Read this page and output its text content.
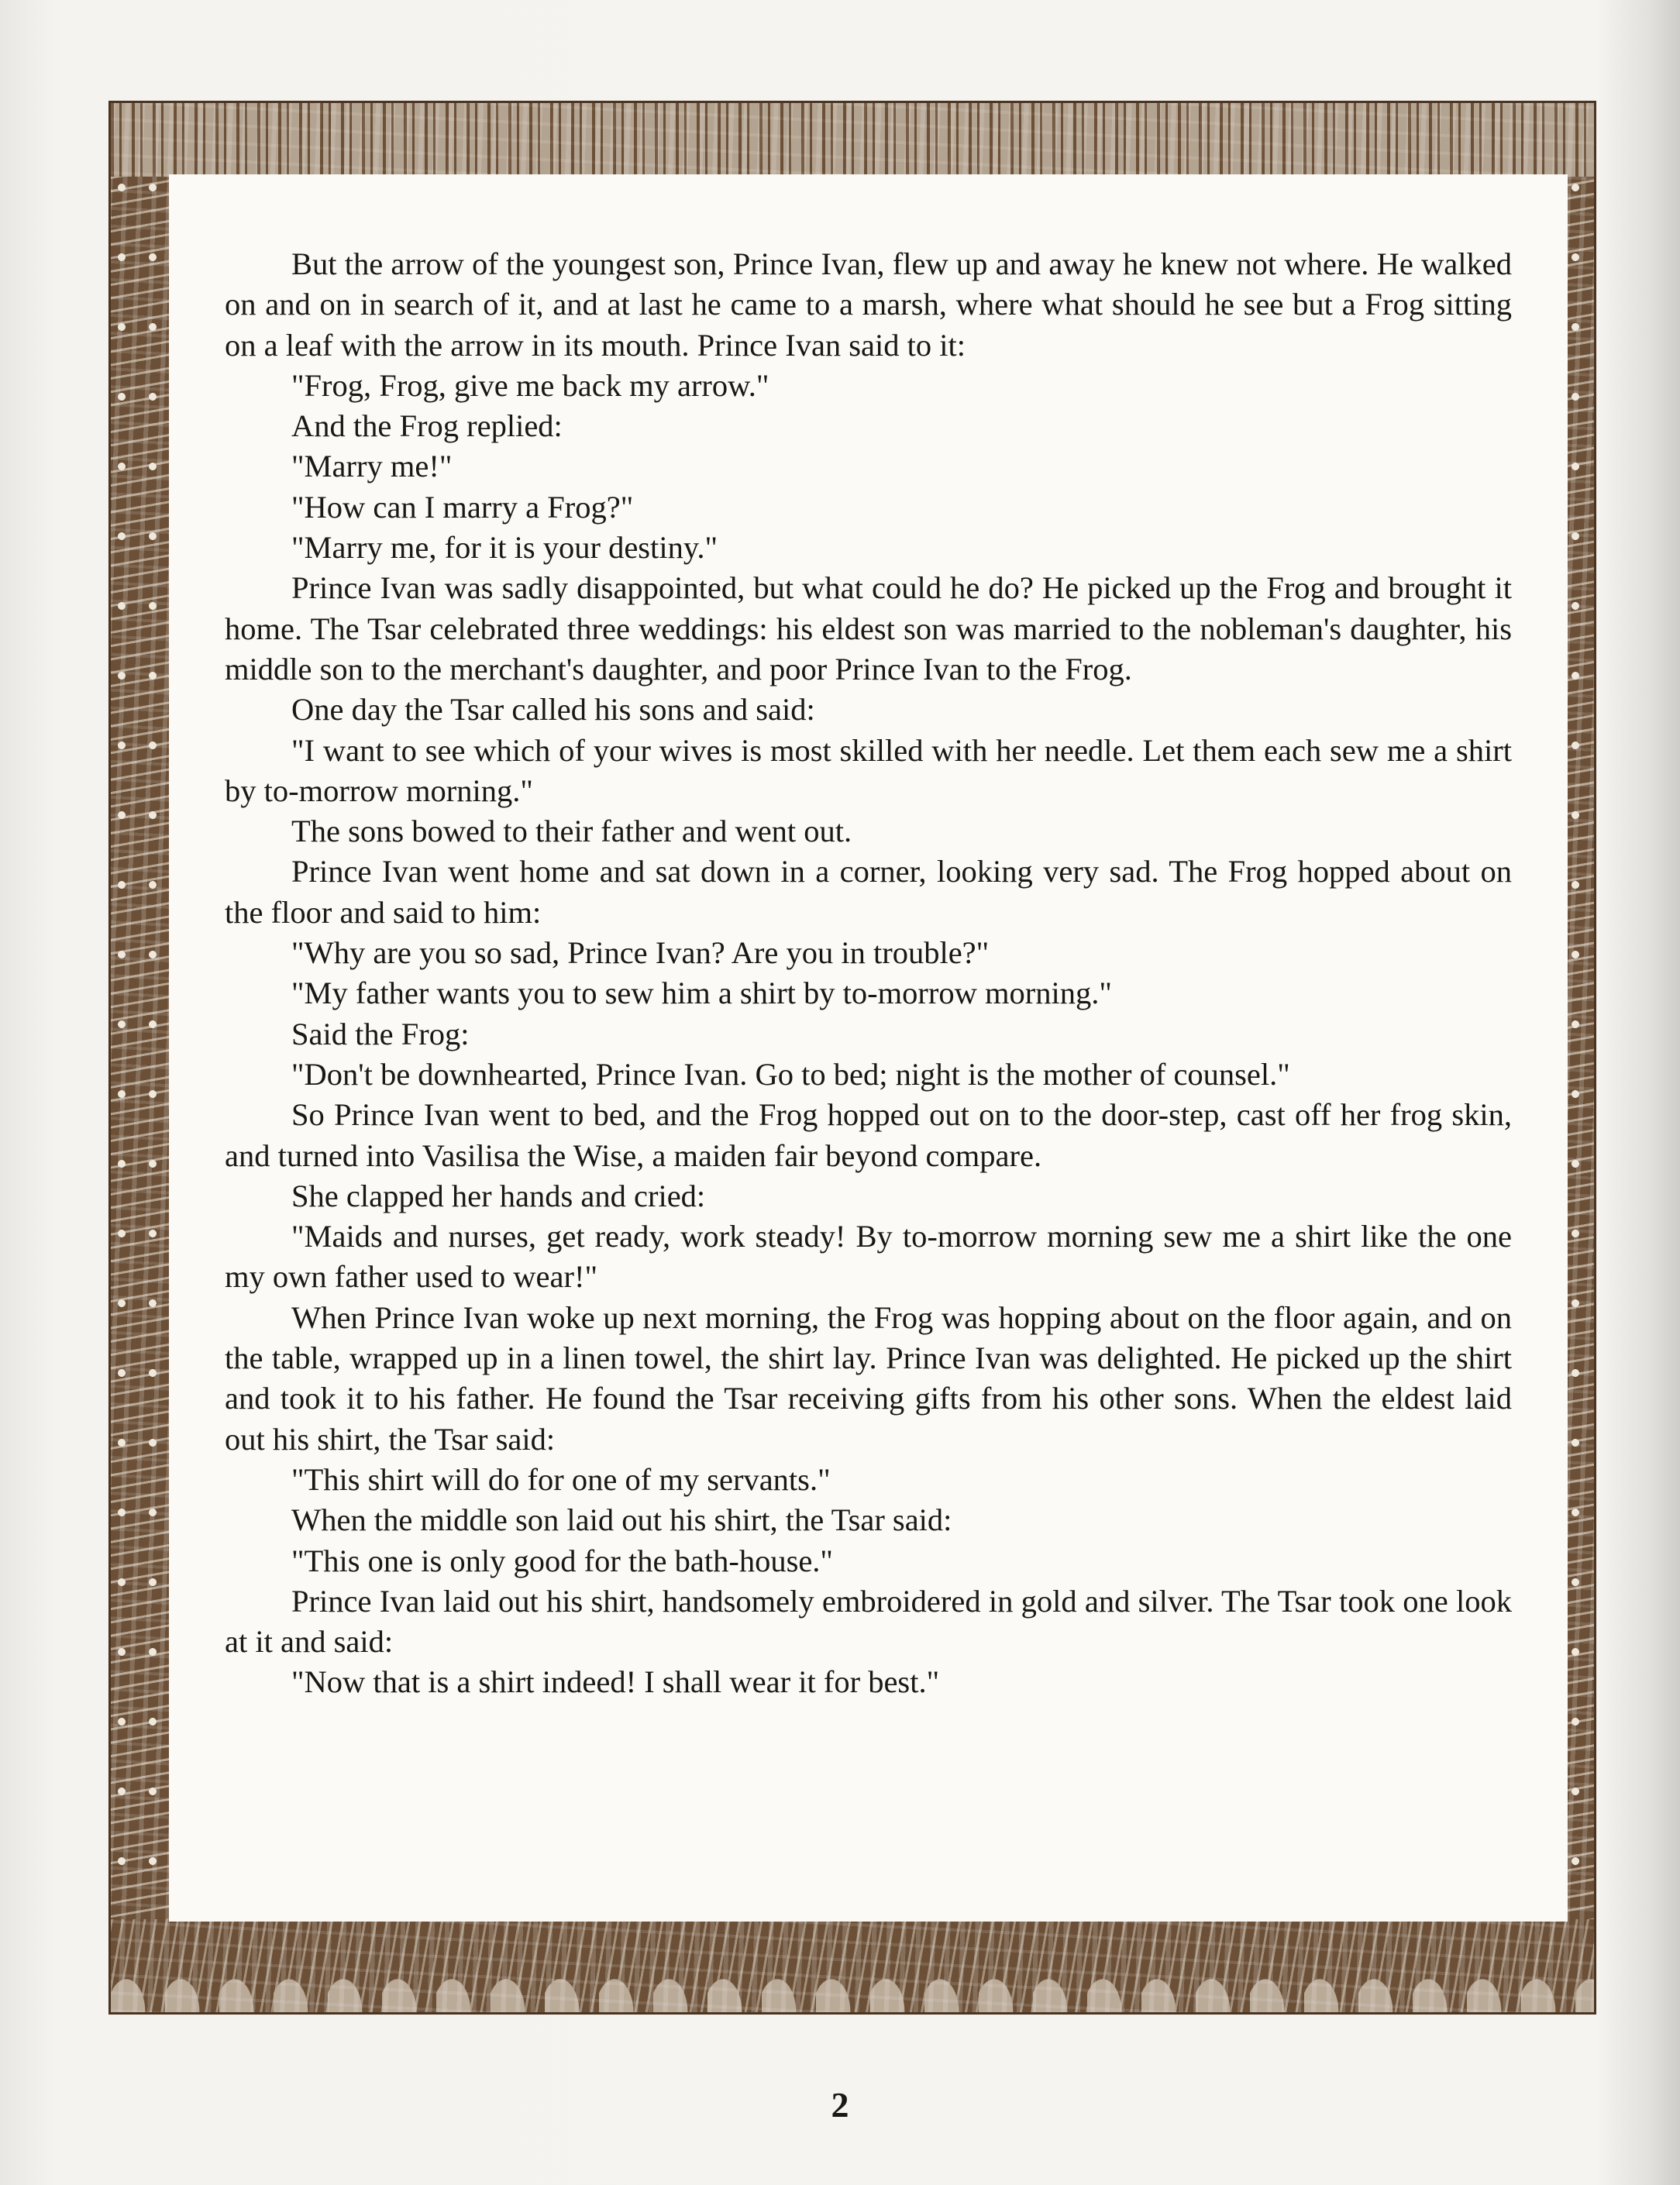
But the arrow of the youngest son, Prince Ivan, flew up and away he knew not where. He walked on and on in search of it, and at last he came to a marsh, where what should he see but a Frog sitting on a leaf with the arrow in its mouth. Prince Ivan said to it:

"Frog, Frog, give me back my arrow."

And the Frog replied:

"Marry me!"

"How can I marry a Frog?"

"Marry me, for it is your destiny."

Prince Ivan was sadly disappointed, but what could he do? He picked up the Frog and brought it home. The Tsar celebrated three weddings: his eldest son was married to the nobleman's daughter, his middle son to the merchant's daughter, and poor Prince Ivan to the Frog.

One day the Tsar called his sons and said:

"I want to see which of your wives is most skilled with her needle. Let them each sew me a shirt by to-morrow morning."

The sons bowed to their father and went out.

Prince Ivan went home and sat down in a corner, looking very sad. The Frog hopped about on the floor and said to him:

"Why are you so sad, Prince Ivan? Are you in trouble?"

"My father wants you to sew him a shirt by to-morrow morning."

Said the Frog:

"Don't be downhearted, Prince Ivan. Go to bed; night is the mother of counsel."

So Prince Ivan went to bed, and the Frog hopped out on to the door-step, cast off her frog skin, and turned into Vasilisa the Wise, a maiden fair beyond compare.

She clapped her hands and cried:

"Maids and nurses, get ready, work steady! By to-morrow morning sew me a shirt like the one my own father used to wear!"

When Prince Ivan woke up next morning, the Frog was hopping about on the floor again, and on the table, wrapped up in a linen towel, the shirt lay. Prince Ivan was delighted. He picked up the shirt and took it to his father. He found the Tsar receiving gifts from his other sons. When the eldest laid out his shirt, the Tsar said:

"This shirt will do for one of my servants."

When the middle son laid out his shirt, the Tsar said:

"This one is only good for the bath-house."

Prince Ivan laid out his shirt, handsomely embroidered in gold and silver. The Tsar took one look at it and said:

"Now that is a shirt indeed! I shall wear it for best."

2
